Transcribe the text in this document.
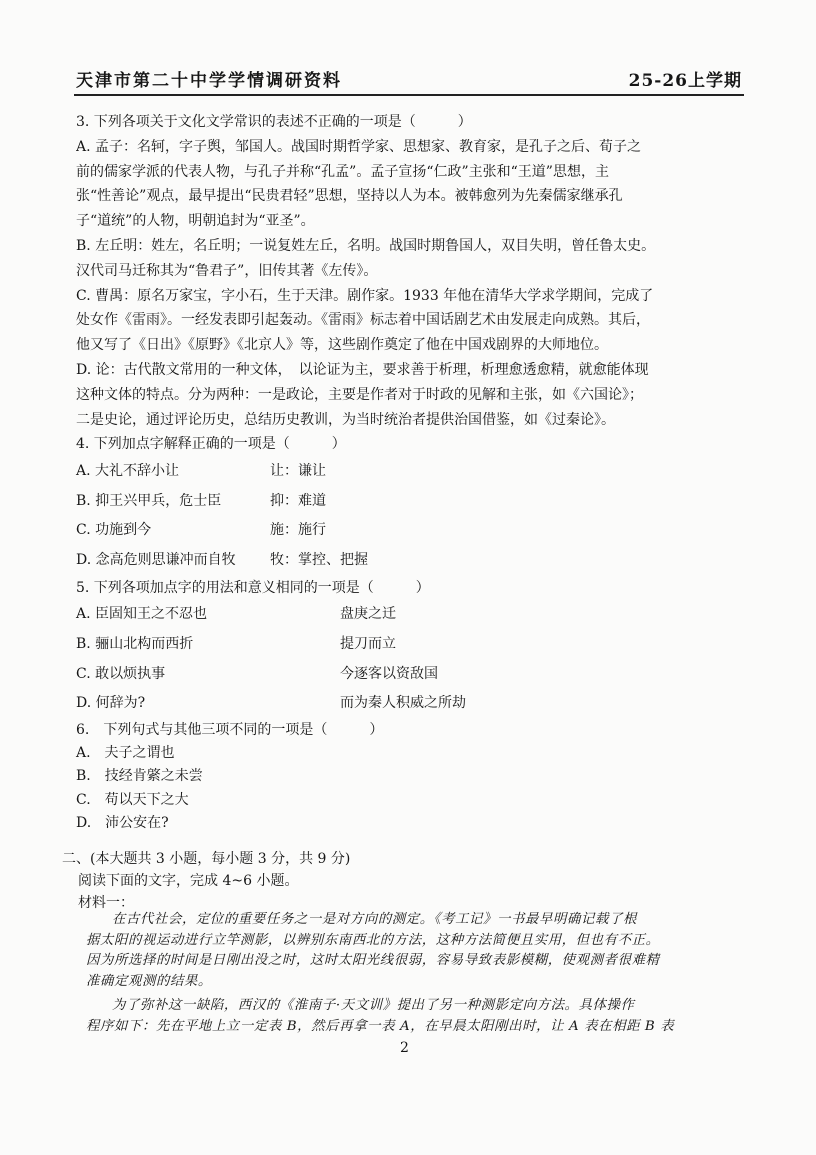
天津市第二十中学学情调研资料	25-26上学期
3. 下列各项关于文化文学常识的表述不正确的一项是（　　　）
A. 孟子：名轲，字子舆，邹国人。战国时期哲学家、思想家、教育家，是孔子之后、荀子之
前的儒家学派的代表人物，与孔子并称“孔孟”。孟子宣扬“仁政”主张和“王道”思想，主
张“性善论”观点，最早提出“民贵君轻”思想，坚持以人为本。被韩愈列为先秦儒家继承孔
子“道统”的人物，明朝追封为“亚圣”。
B. 左丘明：姓左，名丘明；一说复姓左丘，名明。战国时期鲁国人，双目失明，曾任鲁太史。
汉代司马迁称其为“鲁君子”，旧传其著《左传》。
C. 曹禺：原名万家宝，字小石，生于天津。剧作家。1933 年他在清华大学求学期间，完成了
处女作《雷雨》。一经发表即引起轰动。《雷雨》标志着中国话剧艺术由发展走向成熟。其后，
他又写了《日出》《原野》《北京人》等，这些剧作奠定了他在中国戏剧界的大师地位。
D. 论：古代散文常用的一种文体，　以论证为主，要求善于析理，析理愈透愈精，就愈能体现
这种文体的特点。分为两种：一是政论，主要是作者对于时政的见解和主张，如《六国论》；
二是史论，通过评论历史，总结历史教训，为当时统治者提供治国借鉴，如《过秦论》。
4. 下列加点字解释正确的一项是（　　　）
A. 大礼不辞小让	让：谦让
B. 抑王兴甲兵，危士臣	抑：难道
C. 功施到今	施：施行
D. 念高危则思谦冲而自牧 牧：掌控、把握
5. 下列各项加点字的用法和意义相同的一项是（　　　）
A. 臣固知王之不忍也	盘庚之迁
B. 骊山北构而西折	提刀而立
C. 敢以烦执事	今逐客以资敌国
D. 何辞为?	而为秦人积威之所劫
6.　下列句式与其他三项不同的一项是（　　　）
A.　夫子之谓也
B.　技经肯綮之未尝
C.　苟以天下之大
D.　沛公安在?
二、(本大题共 3 小题，每小题 3 分，共 9 分)
阅读下面的文字，完成 4~6 小题。
材料一：
在古代社会，定位的重要任务之一是对方向的测定。《考工记》一书最早明确记载了根
据太阳的视运动进行立竿测影，以辨别东南西北的方法，这种方法简便且实用，但也有不正。
因为所选择的时间是日刚出没之时，这时太阳光线很弱，容易导致表影模糊，使观测者很难精
准确定观测的结果。
为了弥补这一缺陷，西汉的《淮南子·天文训》提出了另一种测影定向方法。具体操作
程序如下：先在平地上立一定表 B，然后再拿一表 A，在早晨太阳刚出时，让 A 表在相距 B 表
2
